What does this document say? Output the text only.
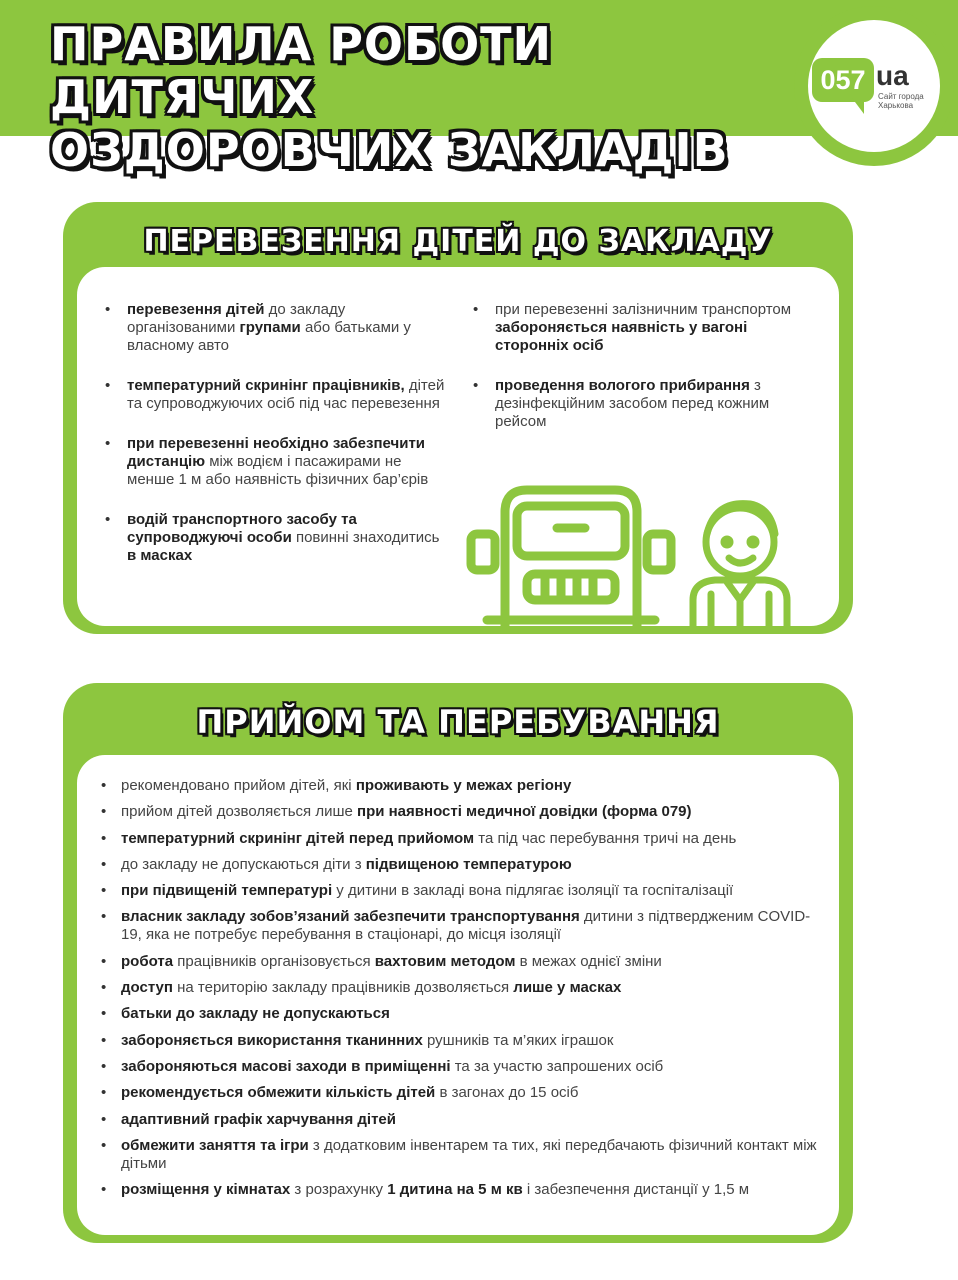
ПРАВИЛА РОБОТИ ДИТЯЧИХ
ОЗДОРОВЧИХ ЗАКЛАДІВ
057 ua
Сайт города Харькова
ПЕРЕВЕЗЕННЯ ДІТЕЙ ДО ЗАКЛАДУ
• перевезення дітей до закладу організованими групами або батьками у власному авто
• температурний скринінг працівників, дітей та супроводжуючих осіб під час перевезення
• при перевезенні необхідно забезпечити дистанцію між водієм і пасажирами не менше 1 м або наявність фізичних бар’єрів
• водій транспортного засобу та супроводжуючі особи повинні знаходитись в масках
• при перевезенні залізничним транспортом забороняється наявність у вагоні сторонніх осіб
• проведення вологого прибирання з дезінфекційним засобом перед кожним рейсом
ПРИЙОМ ТА ПЕРЕБУВАННЯ
• рекомендовано прийом дітей, які проживають у межах регіону
• прийом дітей дозволяється лише при наявності медичної довідки (форма 079)
• температурний скринінг дітей перед прийомом та під час перебування тричі на день
• до закладу не допускаються діти з підвищеною температурою
• при підвищеній температурі у дитини в закладі вона підлягає ізоляції та госпіталізації
• власник закладу зобов’язаний забезпечити транспортування дитини з підтвердженим COVID-19, яка не потребує перебування в стаціонарі, до місця ізоляції
• робота працівників організовується вахтовим методом в межах однієї зміни
• доступ на територію закладу працівників дозволяється лише у масках
• батьки до закладу не допускаються
• забороняється використання тканинних рушників та м’яких іграшок
• забороняються масові заходи в приміщенні та за участю запрошених осіб
• рекомендується обмежити кількість дітей в загонах до 15 осіб
• адаптивний графік харчування дітей
• обмежити заняття та ігри з додатковим інвентарем та тих, які передбачають фізичний контакт між дітьми
• розміщення у кімнатах з розрахунку 1 дитина на 5 м кв і забезпечення дистанції у 1,5 м
